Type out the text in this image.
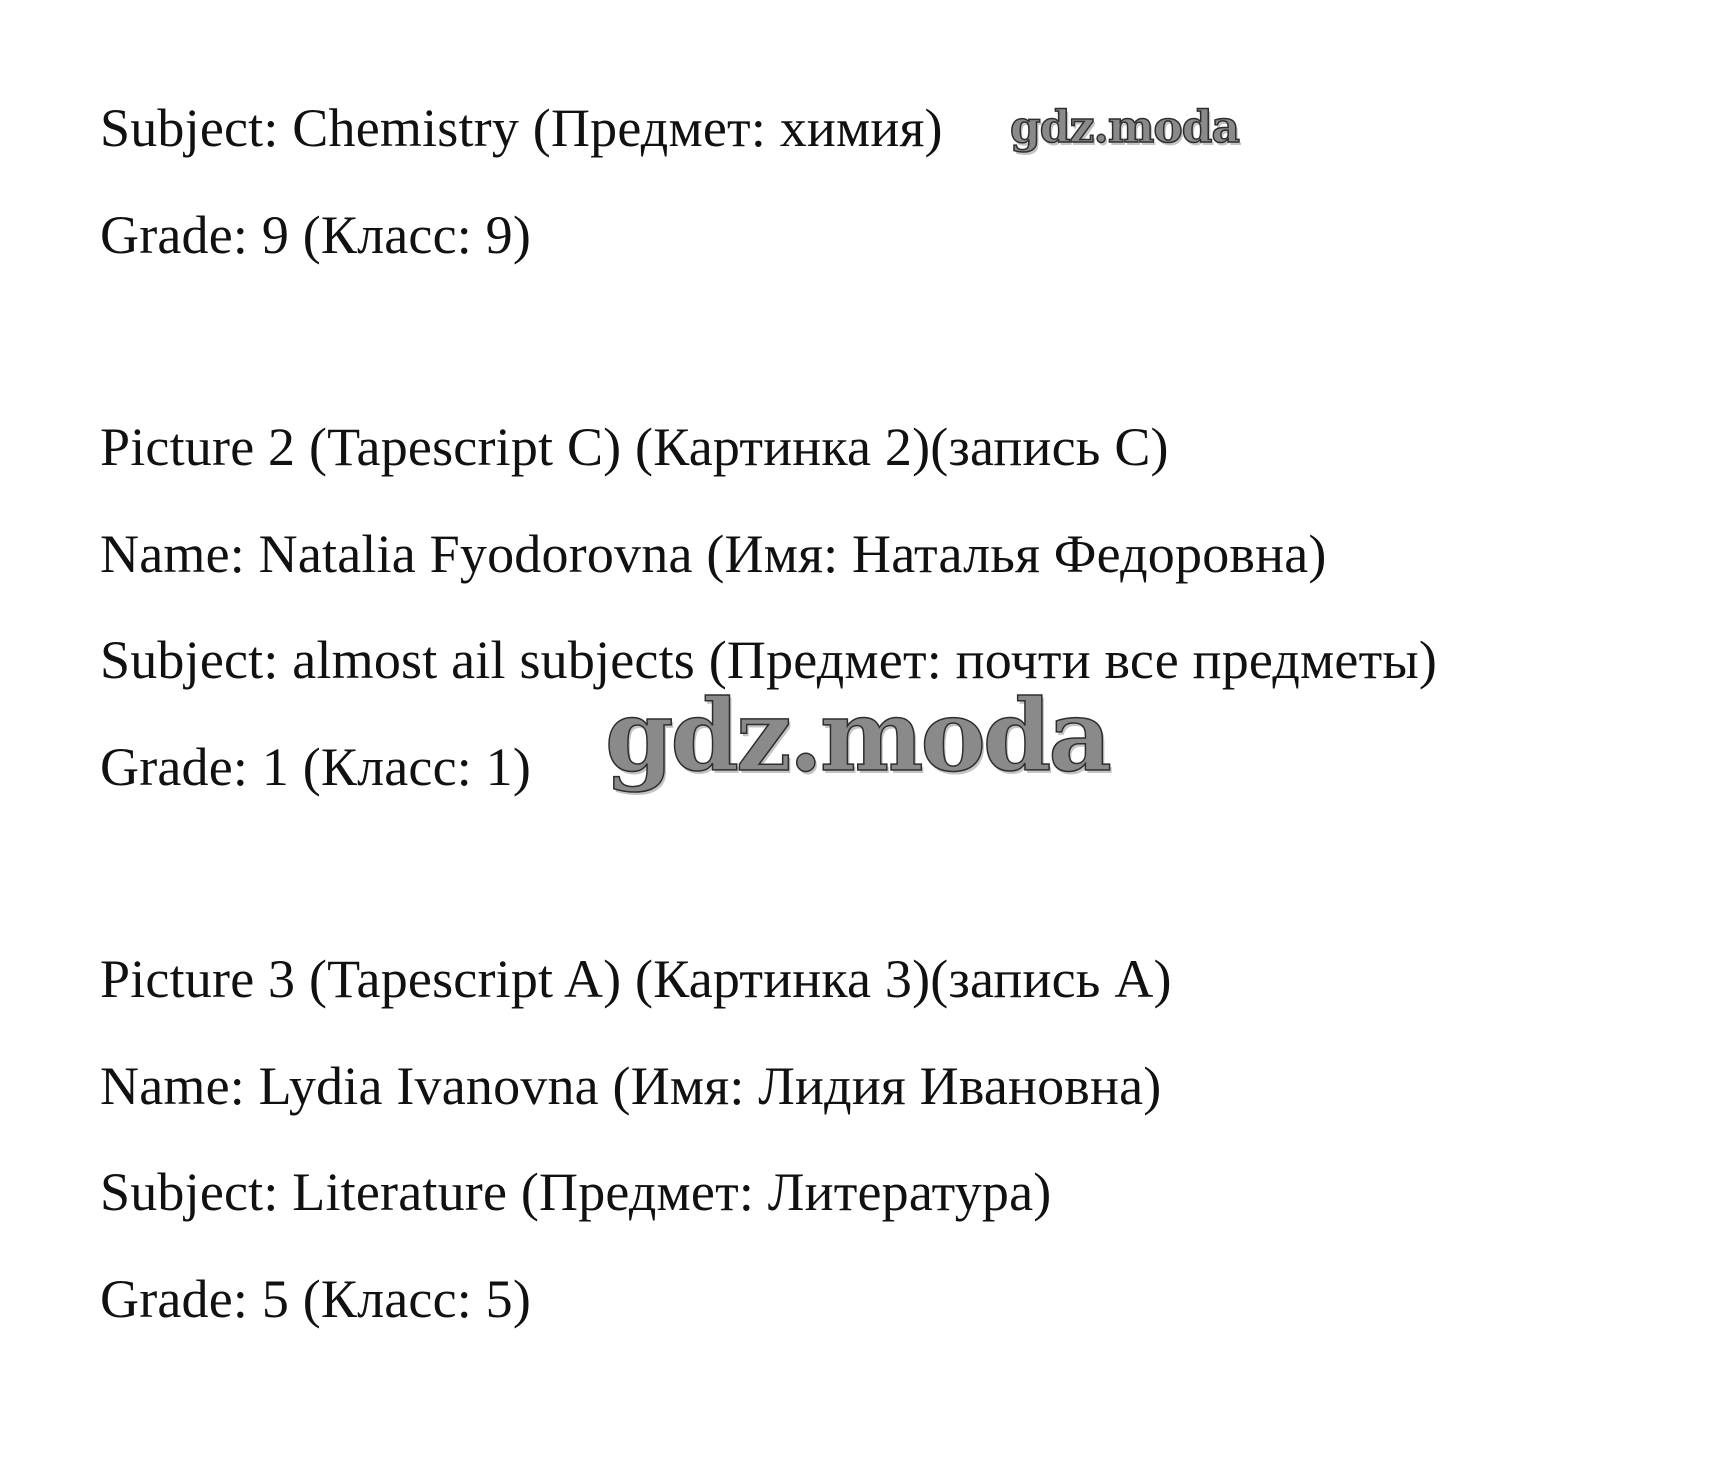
Subject: Chemistry (Предмет: химия)
Grade: 9 (Класс: 9)
Picture 2 (Tapescript C) (Картинка 2)(запись C)
Name: Natalia Fyodorovna (Имя: Наталья Федоровна)
Subject: almost ail subjects (Предмет: почти все предметы)
Grade: 1 (Класс: 1)
Picture 3 (Tapescript A) (Картинка 3)(запись A)
Name: Lydia Ivanovna (Имя: Лидия Ивановна)
Subject: Literature (Предмет: Литература)
Grade: 5 (Класс: 5)
gdz.moda
gdz.moda
